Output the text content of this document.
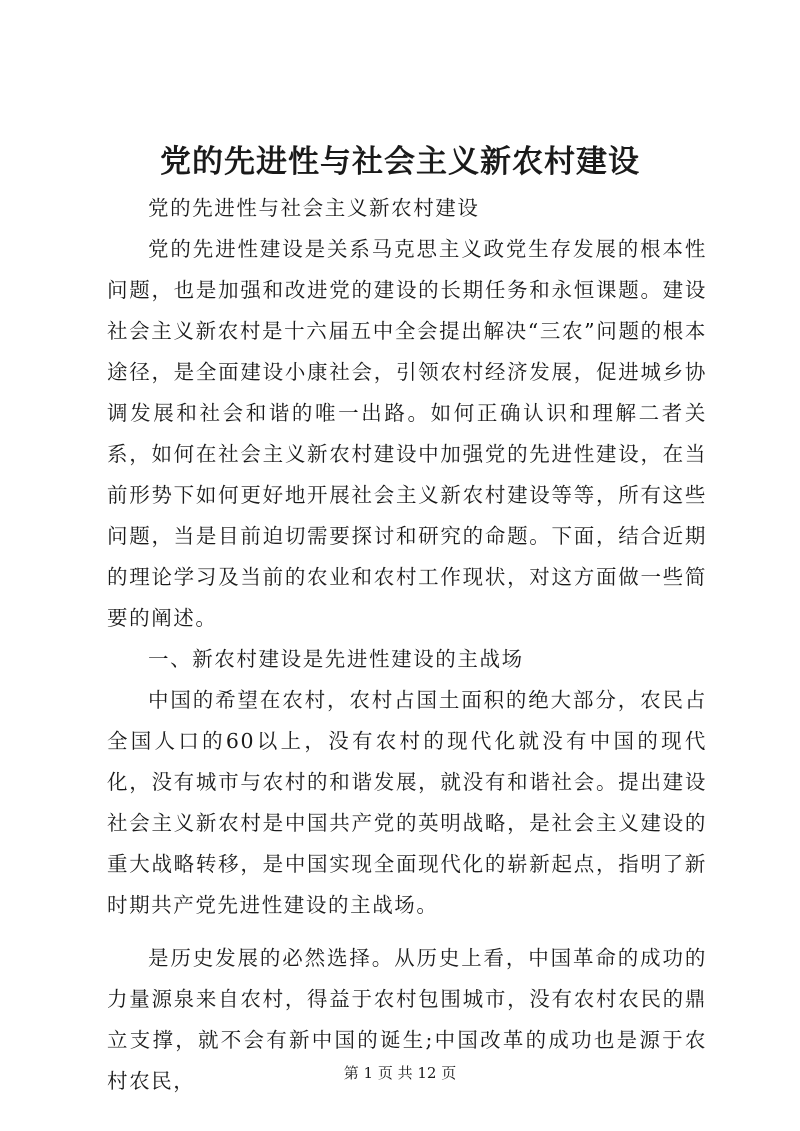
党的先进性与社会主义新农村建设

党的先进性与社会主义新农村建设

党的先进性建设是关系马克思主义政党生存发展的根本性问题，也是加强和改进党的建设的长期任务和永恒课题。建设社会主义新农村是十六届五中全会提出解决“三农”问题的根本途径，是全面建设小康社会，引领农村经济发展，促进城乡协调发展和社会和谐的唯一出路。如何正确认识和理解二者关系，如何在社会主义新农村建设中加强党的先进性建设，在当前形势下如何更好地开展社会主义新农村建设等等，所有这些问题，当是目前迫切需要探讨和研究的命题。下面，结合近期的理论学习及当前的农业和农村工作现状，对这方面做一些简要的阐述。

一、新农村建设是先进性建设的主战场

中国的希望在农村，农村占国土面积的绝大部分，农民占全国人口的60以上，没有农村的现代化就没有中国的现代化，没有城市与农村的和谐发展，就没有和谐社会。提出建设社会主义新农村是中国共产党的英明战略，是社会主义建设的重大战略转移，是中国实现全面现代化的崭新起点，指明了新时期共产党先进性建设的主战场。

是历史发展的必然选择。从历史上看，中国革命的成功的力量源泉来自农村，得益于农村包围城市，没有农村农民的鼎立支撑，就不会有新中国的诞生;中国改革的成功也是源于农村农民，	第 1 页 共 12 页
